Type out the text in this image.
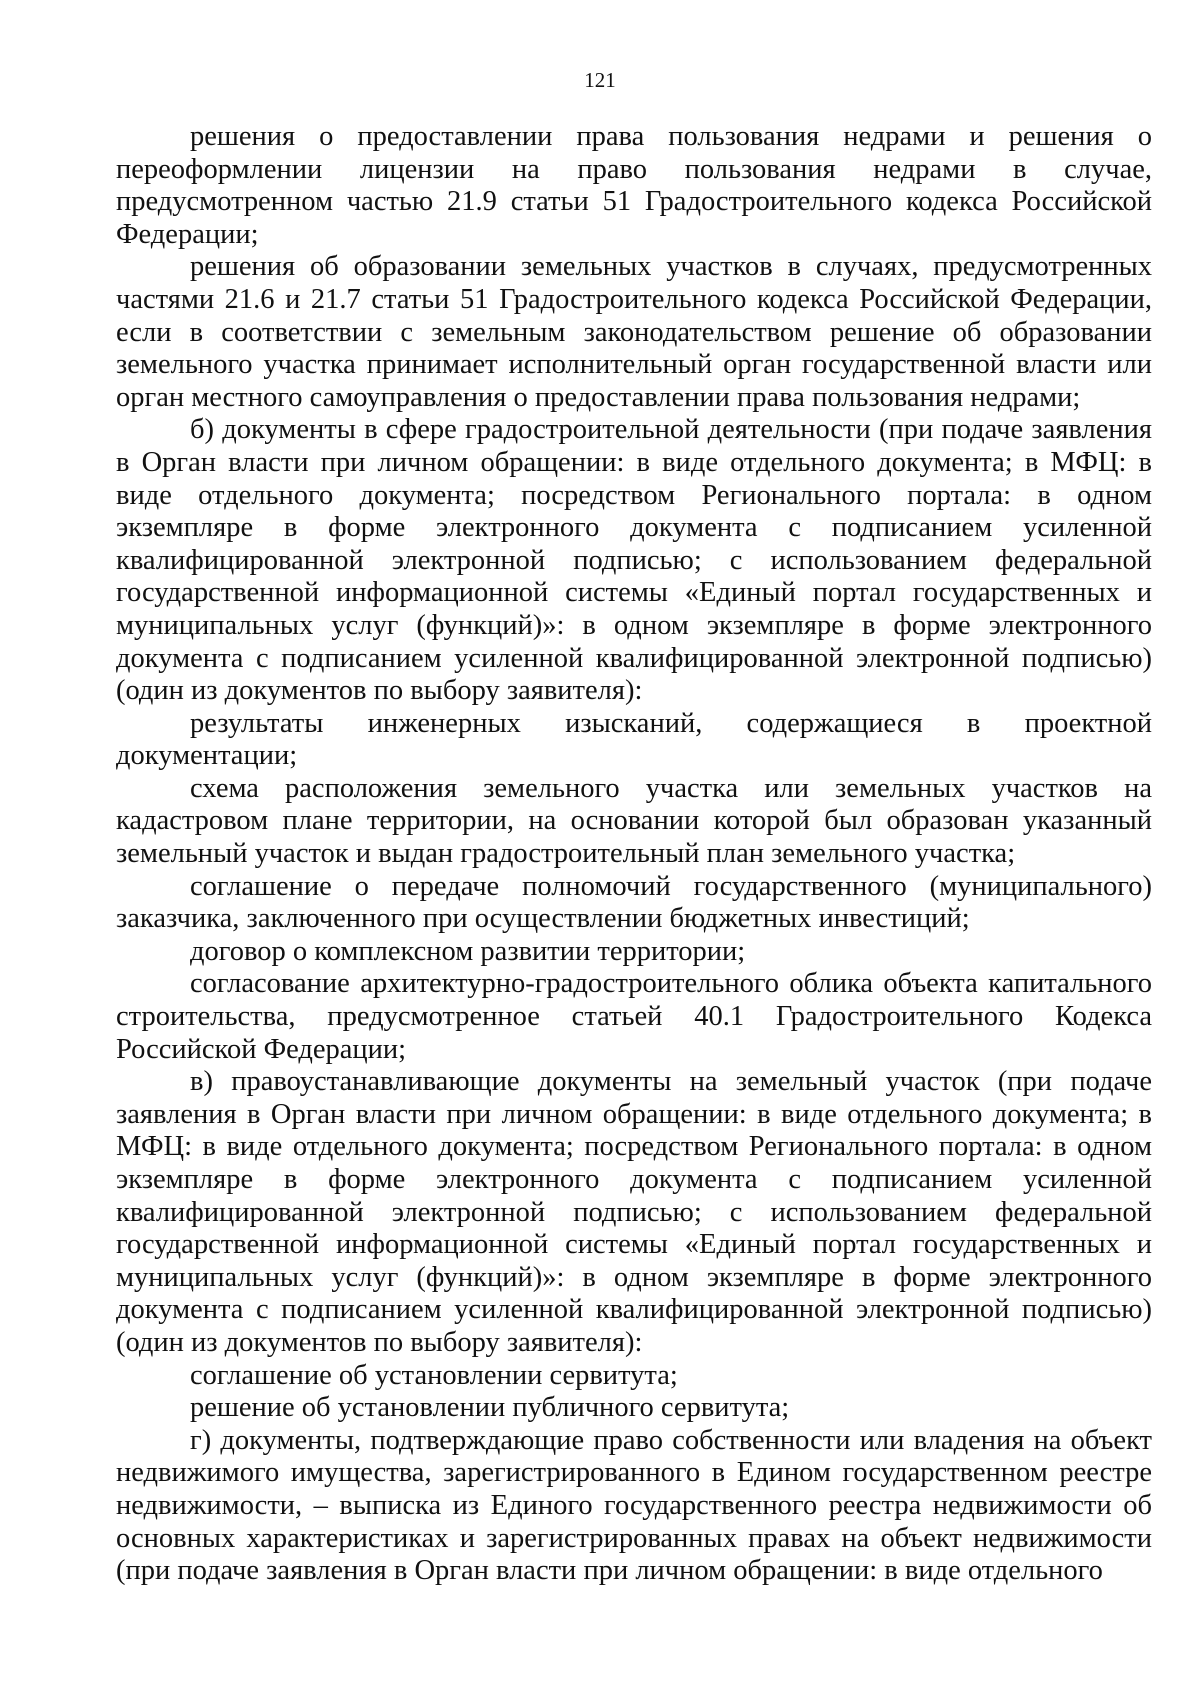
121

решения о предоставлении права пользования недрами и решения о переоформлении лицензии на право пользования недрами в случае, предусмотренном частью 21.9 статьи 51 Градостроительного кодекса Российской Федерации;

решения об образовании земельных участков в случаях, предусмотренных частями 21.6 и 21.7 статьи 51 Градостроительного кодекса Российской Федерации, если в соответствии с земельным законодательством решение об образовании земельного участка принимает исполнительный орган государственной власти или орган местного самоуправления о предоставлении права пользования недрами;

б) документы в сфере градостроительной деятельности (при подаче заявления в Орган власти при личном обращении: в виде отдельного документа; в МФЦ: в виде отдельного документа; посредством Регионального портала: в одном экземпляре в форме электронного документа с подписанием усиленной квалифицированной электронной подписью; с использованием федеральной государственной информационной системы «Единый портал государственных и муниципальных услуг (функций)»: в одном экземпляре в форме электронного документа с подписанием усиленной квалифицированной электронной подписью) (один из документов по выбору заявителя):

результаты инженерных изысканий, содержащиеся в проектной документации;

схема расположения земельного участка или земельных участков на кадастровом плане территории, на основании которой был образован указанный земельный участок и выдан градостроительный план земельного участка;

соглашение о передаче полномочий государственного (муниципального) заказчика, заключенного при осуществлении бюджетных инвестиций;

договор о комплексном развитии территории;

согласование архитектурно-градостроительного облика объекта капитального строительства, предусмотренное статьей 40.1 Градостроительного Кодекса Российской Федерации;

в) правоустанавливающие документы на земельный участок (при подаче заявления в Орган власти при личном обращении: в виде отдельного документа; в МФЦ: в виде отдельного документа; посредством Регионального портала: в одном экземпляре в форме электронного документа с подписанием усиленной квалифицированной электронной подписью; с использованием федеральной государственной информационной системы «Единый портал государственных и муниципальных услуг (функций)»: в одном экземпляре в форме электронного документа с подписанием усиленной квалифицированной электронной подписью) (один из документов по выбору заявителя):

соглашение об установлении сервитута;

решение об установлении публичного сервитута;

г) документы, подтверждающие право собственности или владения на объект недвижимого имущества, зарегистрированного в Едином государственном реестре недвижимости, – выписка из Единого государственного реестра недвижимости об основных характеристиках и зарегистрированных правах на объект недвижимости (при подаче заявления в Орган власти при личном обращении: в виде отдельного
